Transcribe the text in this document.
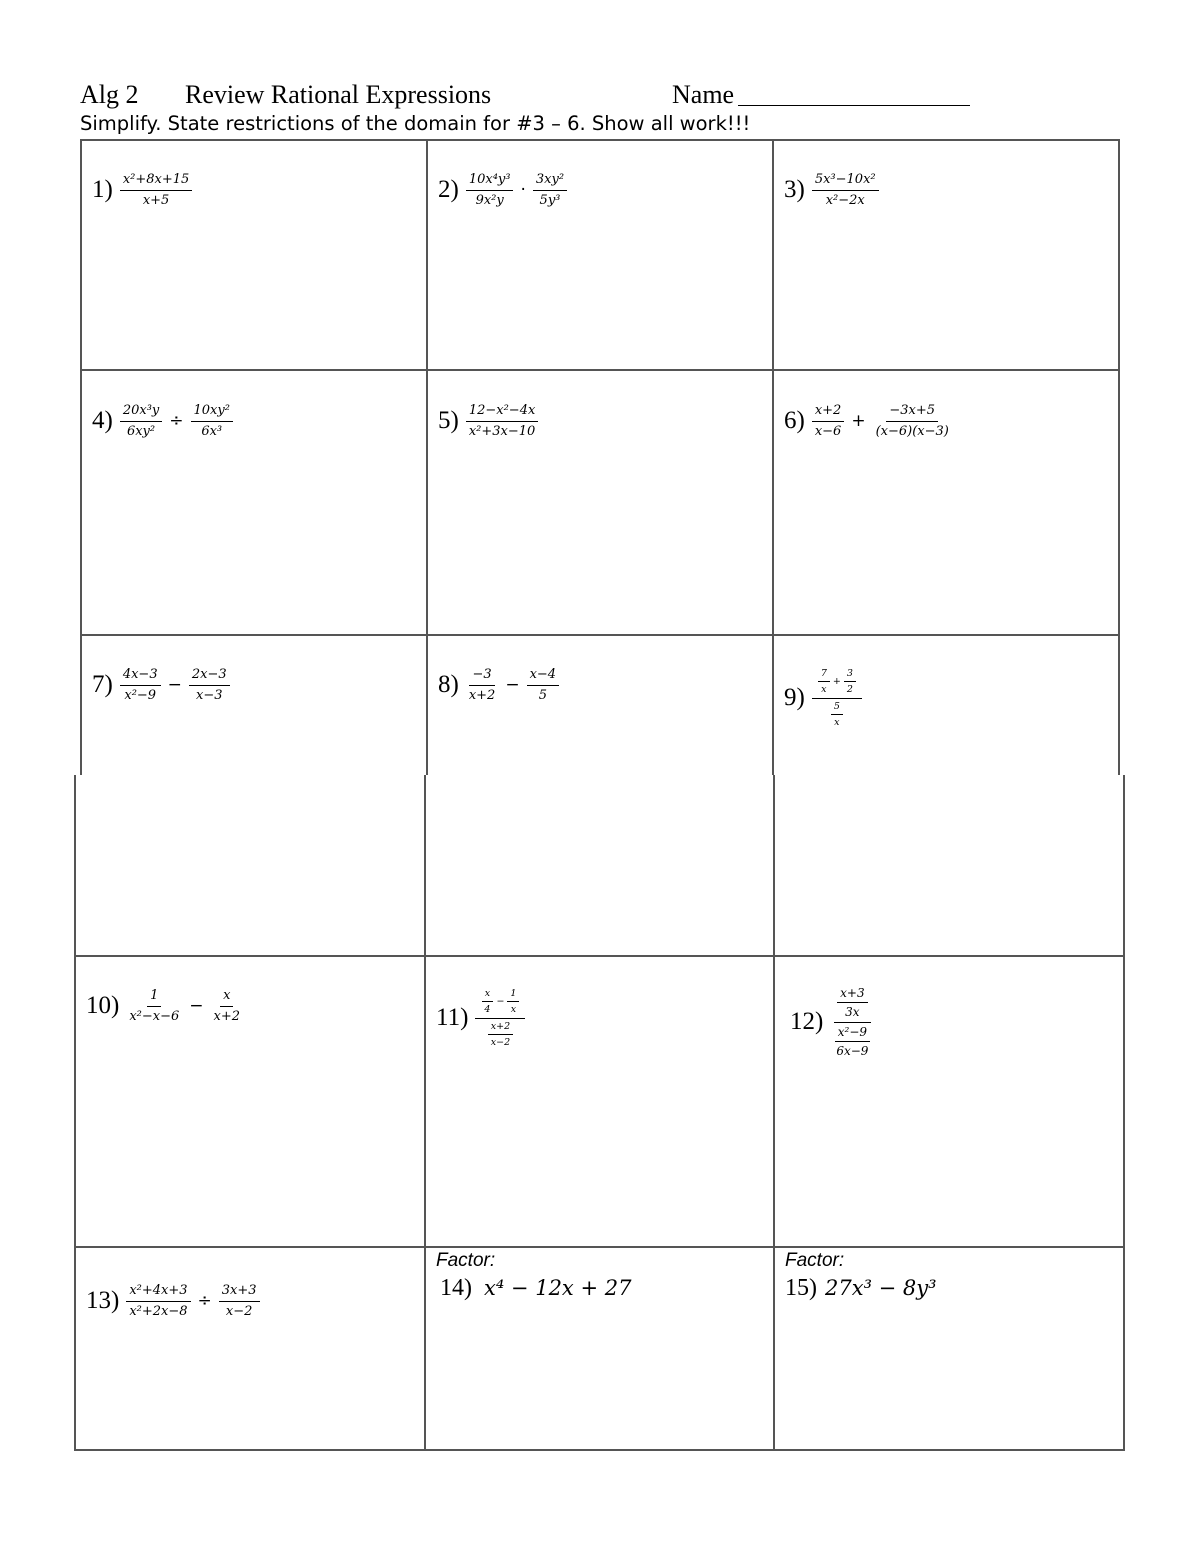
Alg 2 Review Rational Expressions	Name
Simplify. State restrictions of the domain for #3 – 6. Show all work!!!
1) x²+8x+15
x+5	2) 10x⁴y³
9x²y ·
3xy²
5y³	3) 5x³−10x²
x²−2x
$4) \frac{\text{20x³y}}{\text{6xy²}} \div \frac{\text{10xy²}}{\text{6x³}}$	5) 12−x²−4x
x²+3x−10	6) x+2
$x-6 + \frac{-3x+5}{(x-6)(x-3)}$
7) 4x−3
$x^2-9 - \frac{2x-3}{x-3}$	8) −3
$x+2 - \frac{x-4}{5}$	9)
7
x
+ $\frac{3}{2}$
5
x
10) 1
$x^2-x-6 - \frac{x}{x+2}$	11)
x
4
− $\frac{1}{x}$
x+2
x−2
12)
x+3
3x
x²−9
6x−9
$13) \frac{\text{x²+4x+3}}{\text{x²+2x−8}} \div \frac{3x+3}{x-2}$
Factor:
14) x⁴ − 12x + 27
Factor:
15) 27x³ − 8y³
